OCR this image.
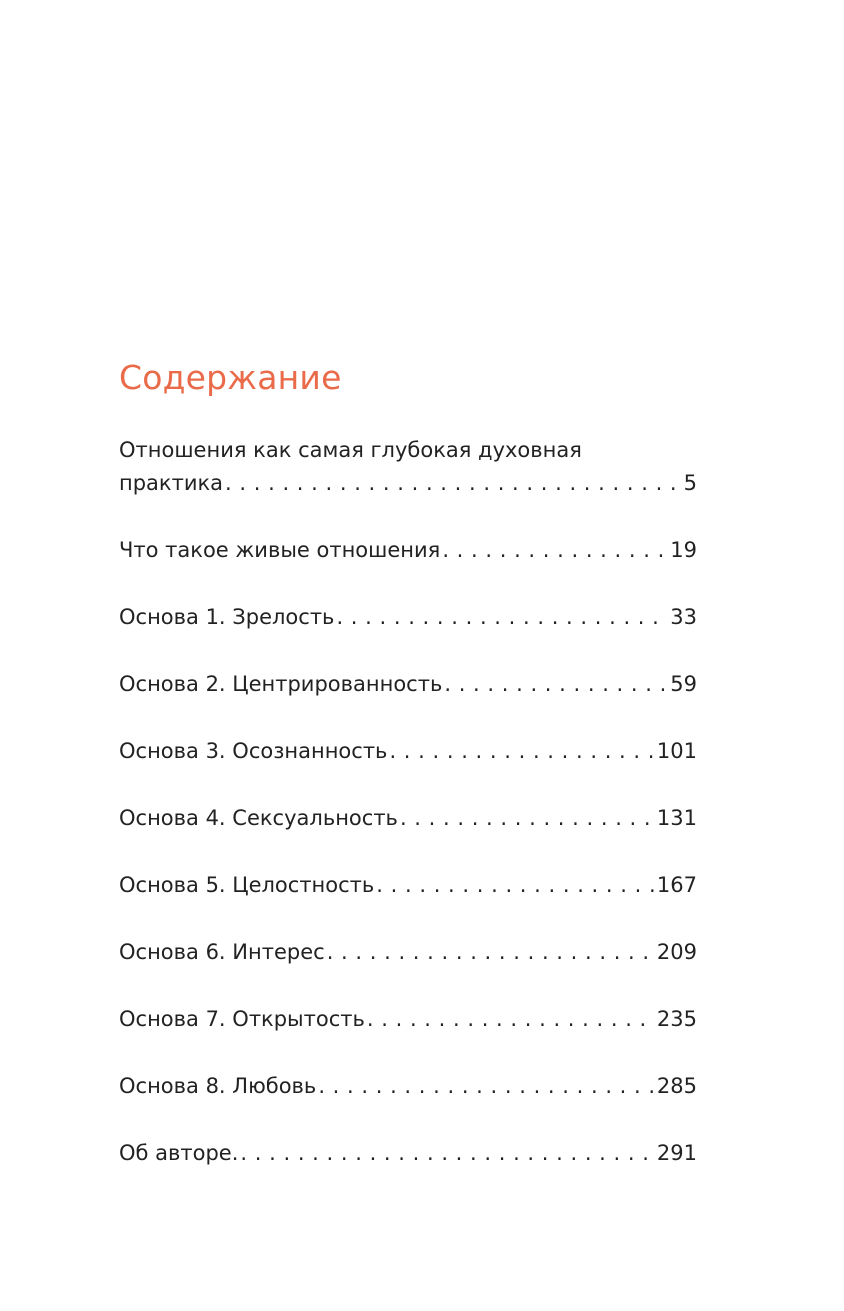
Содержание
Отношения как самая глубокая духовная
практика . . .	5
Что такое живые отношения . . .	19
Основа 1. Зрелость . . .	33
Основа 2. Центрированность . . .	59
Основа 3. Осознанность . . .	101
Основа 4. Сексуальность . . .	131
Основа 5. Целостность . . .	167
Основа 6. Интерес . . .	209
Основа 7. Открытость . . .	235
Основа 8. Любовь . . .	285
Об авторе. . . .	291
